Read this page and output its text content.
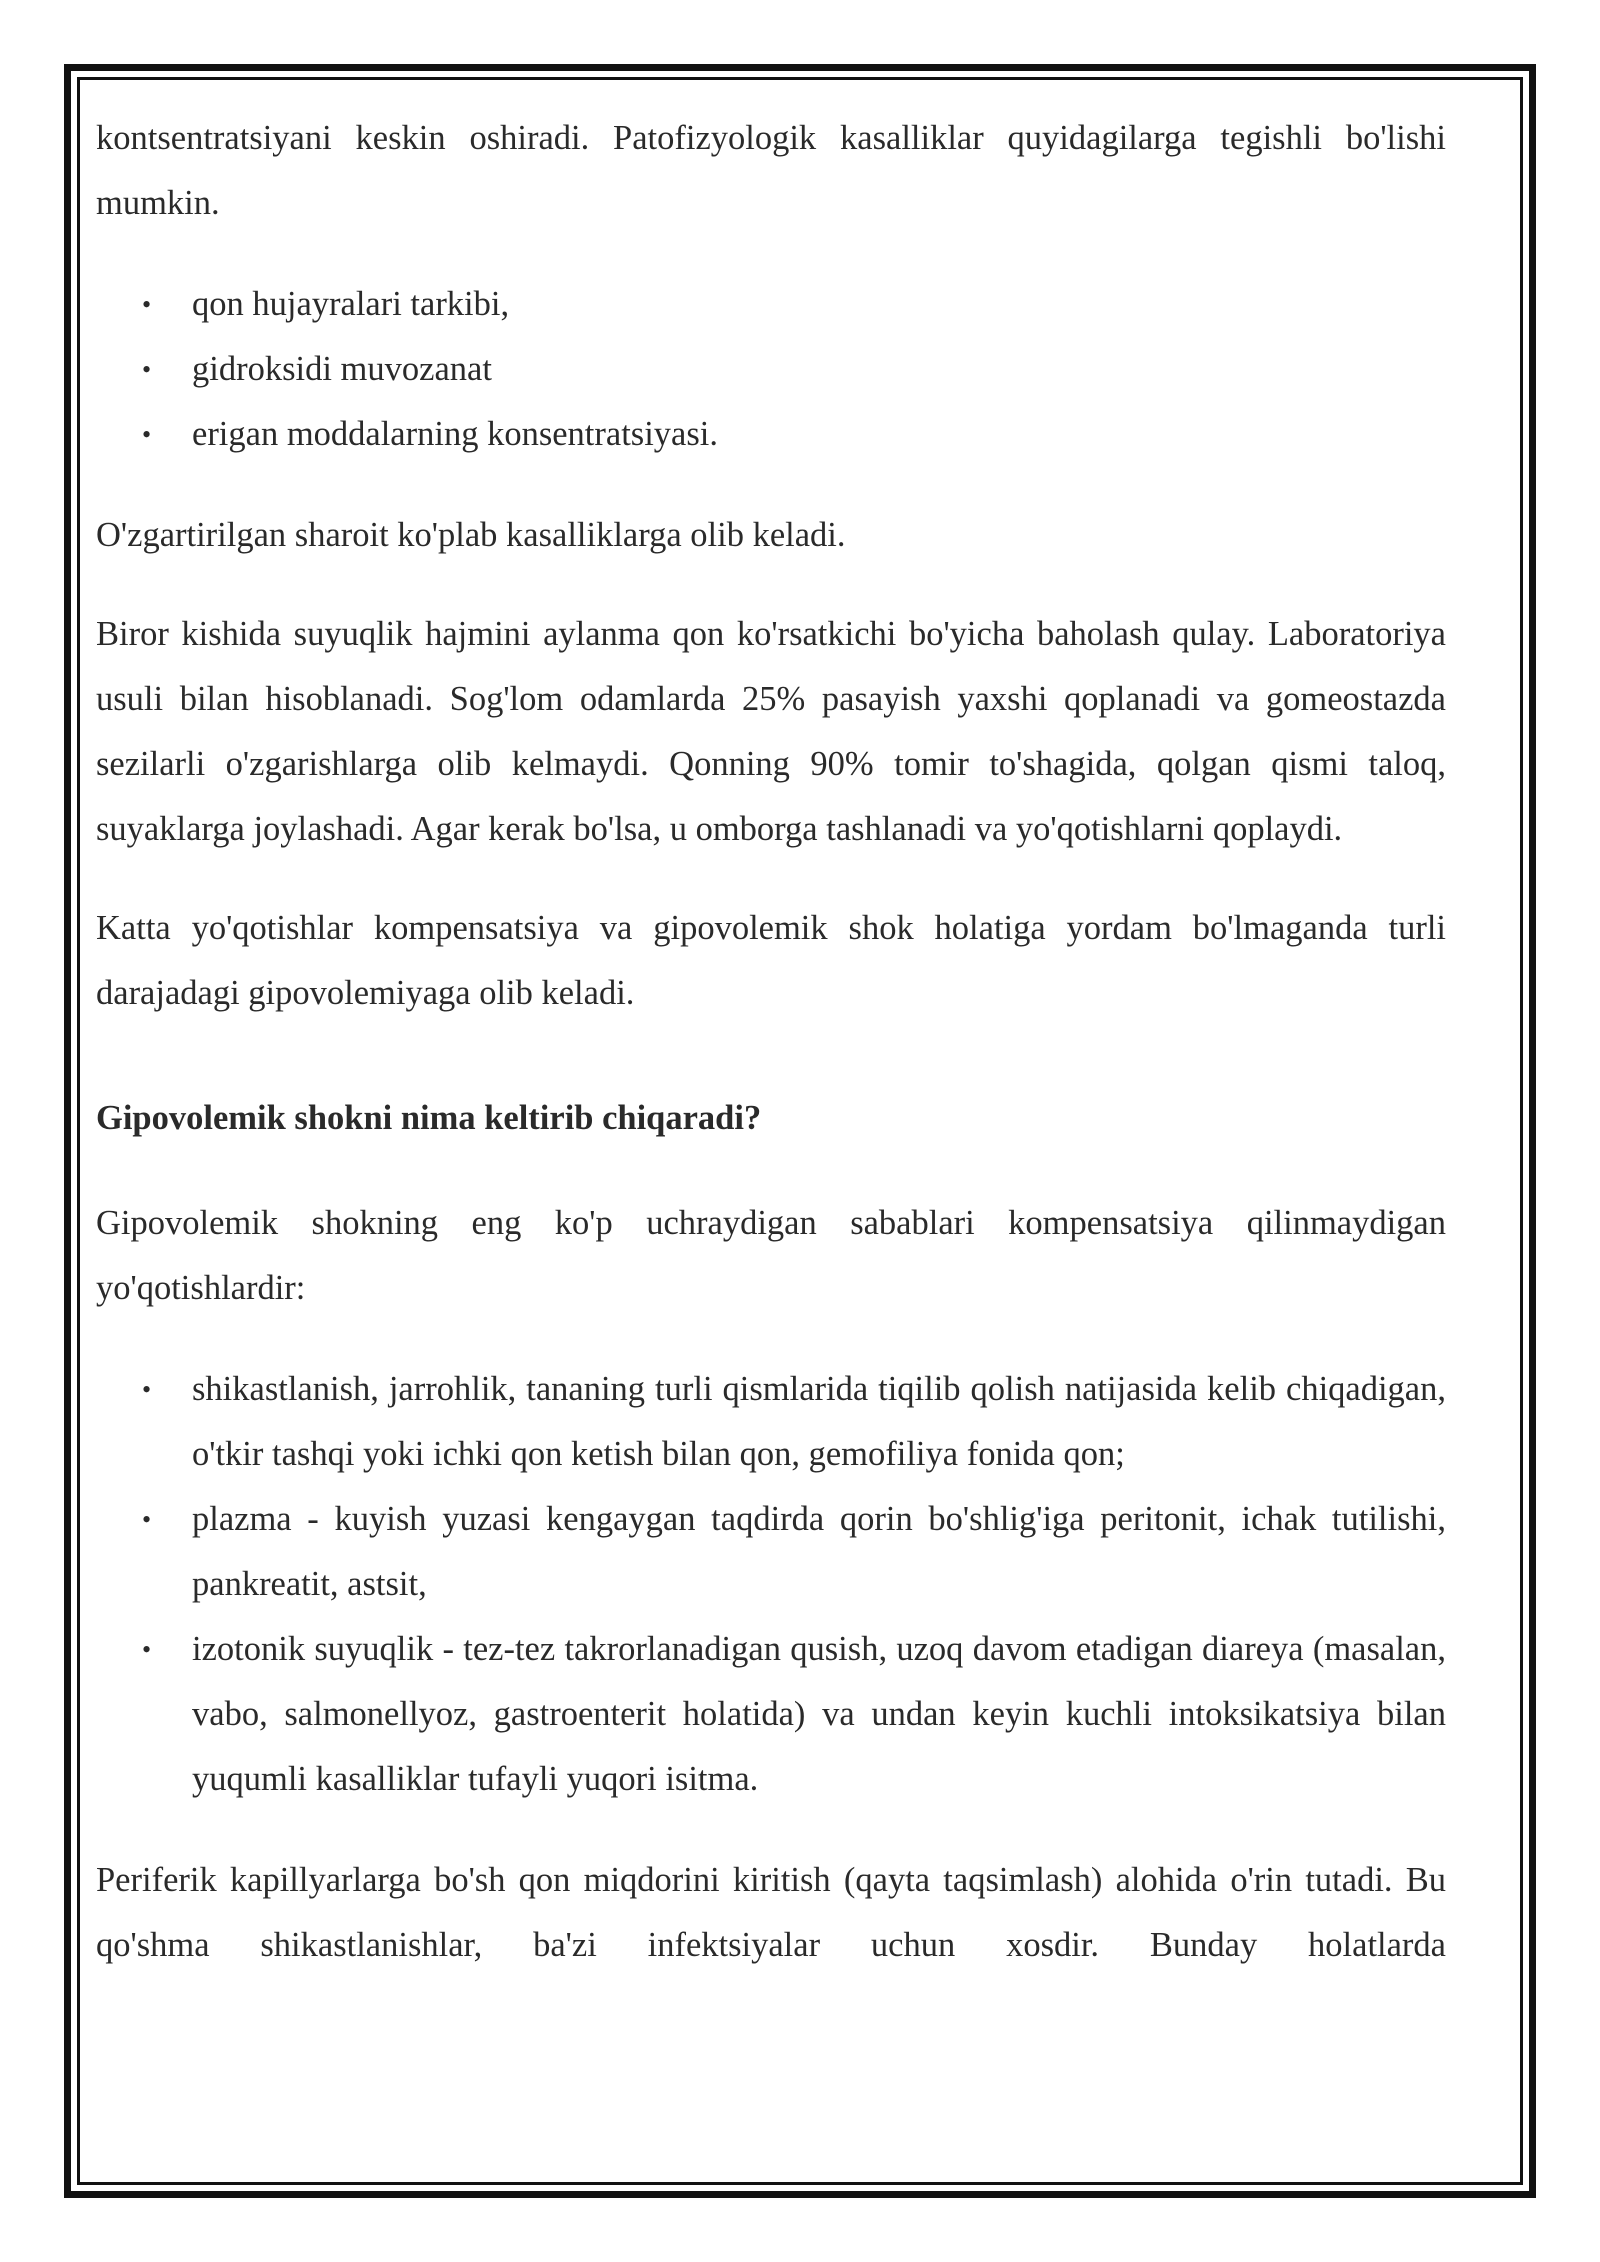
kontsentratsiyani keskin oshiradi. Patofizyologik kasalliklar quyidagilarga tegishli bo'lishi mumkin.

• qon hujayralari tarkibi,
• gidroksidi muvozanat
• erigan moddalarning konsentratsiyasi.

O'zgartirilgan sharoit ko'plab kasalliklarga olib keladi.

Biror kishida suyuqlik hajmini aylanma qon ko'rsatkichi bo'yicha baholash qulay. Laboratoriya usuli bilan hisoblanadi. Sog'lom odamlarda 25% pasayish yaxshi qoplanadi va gomeostazda sezilarli o'zgarishlarga olib kelmaydi. Qonning 90% tomir to'shagida, qolgan qismi taloq, suyaklarga joylashadi. Agar kerak bo'lsa, u omborga tashlanadi va yo'qotishlarni qoplaydi.

Katta yo'qotishlar kompensatsiya va gipovolemik shok holatiga yordam bo'lmaganda turli darajadagi gipovolemiyaga olib keladi.

Gipovolemik shokni nima keltirib chiqaradi?

Gipovolemik shokning eng ko'p uchraydigan sabablari kompensatsiya qilinmaydigan yo'qotishlardir:

• shikastlanish, jarrohlik, tananing turli qismlarida tiqilib qolish natijasida kelib chiqadigan, o'tkir tashqi yoki ichki qon ketish bilan qon, gemofiliya fonida qon;
• plazma - kuyish yuzasi kengaygan taqdirda qorin bo'shlig'iga peritonit, ichak tutilishi, pankreatit, astsit,
• izotonik suyuqlik - tez-tez takrorlanadigan qusish, uzoq davom etadigan diareya (masalan, vabo, salmonellyoz, gastroenterit holatida) va undan keyin kuchli intoksikatsiya bilan yuqumli kasalliklar tufayli yuqori isitma.

Periferik kapillyarlarga bo'sh qon miqdorini kiritish (qayta taqsimlash) alohida o'rin tutadi. Bu qo'shma shikastlanishlar, ba'zi infektsiyalar uchun xosdir. Bunday holatlarda
